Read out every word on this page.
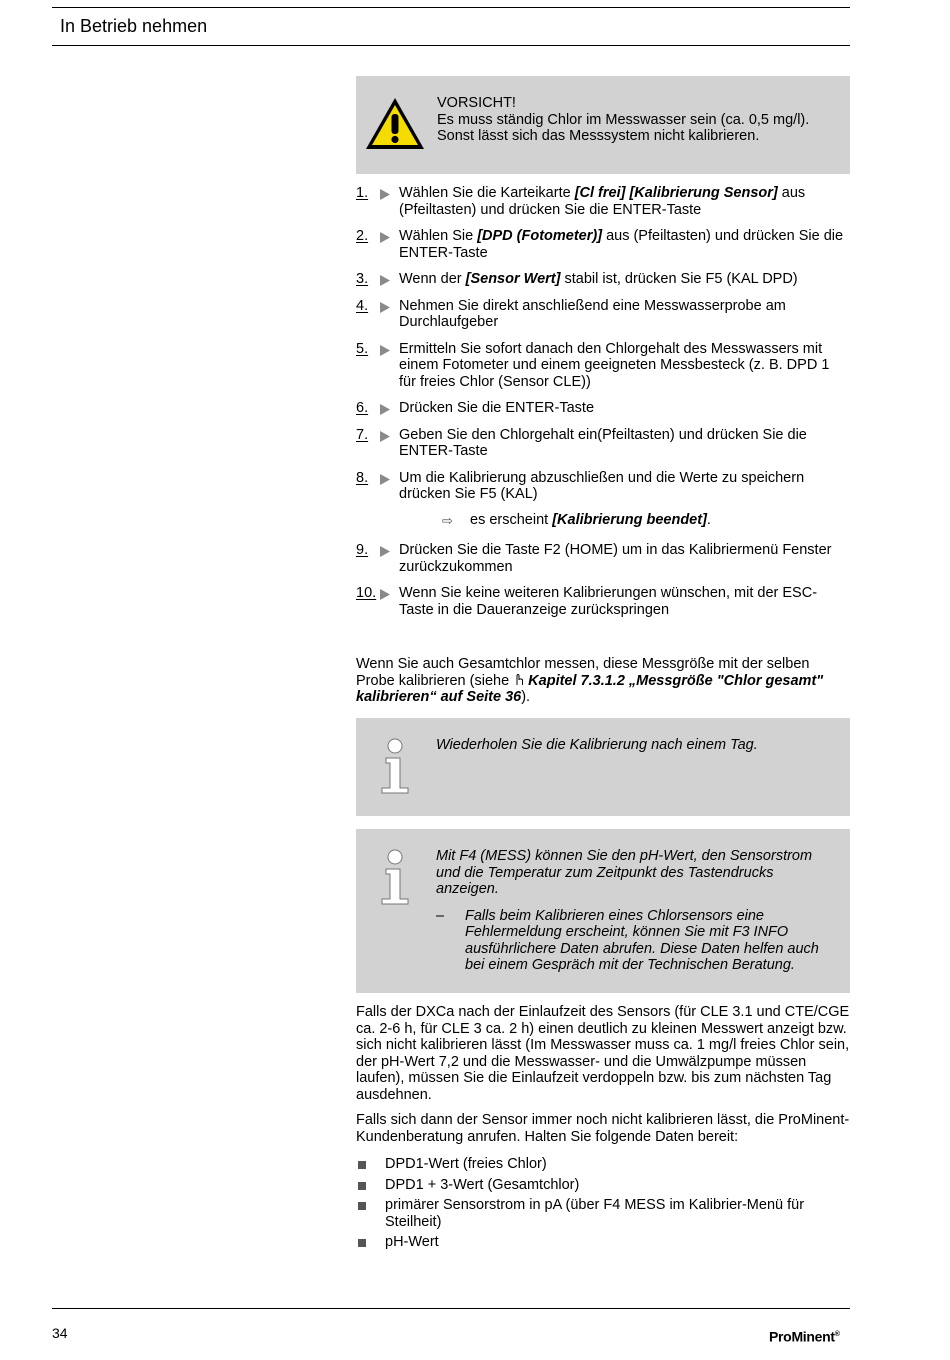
In Betrieb nehmen
VORSICHT!
Es muss ständig Chlor im Messwasser sein (ca. 0,5 mg/l).
Sonst lässt sich das Messsystem nicht kalibrieren.
1.	Wählen Sie die Karteikarte [Cl frei] [Kalibrierung Sensor] aus (Pfeiltasten) und drücken Sie die ENTER-Taste
2.	Wählen Sie [DPD (Fotometer)] aus (Pfeiltasten) und drücken Sie die ENTER-Taste
3.	Wenn der [Sensor Wert] stabil ist, drücken Sie F5 (KAL DPD)
4.	Nehmen Sie direkt anschließend eine Messwasserprobe am Durchlaufgeber
5.	Ermitteln Sie sofort danach den Chlorgehalt des Messwassers mit einem Fotometer und einem geeigneten Messbesteck (z. B. DPD 1 für freies Chlor (Sensor CLE))
6.	Drücken Sie die ENTER-Taste
7.	Geben Sie den Chlorgehalt ein(Pfeiltasten) und drücken Sie die ENTER-Taste
8.	Um die Kalibrierung abzuschließen und die Werte zu speichern drücken Sie F5 (KAL)
⇨ es erscheint [Kalibrierung beendet].
9.	Drücken Sie die Taste F2 (HOME) um in das Kalibriermenü Fenster zurückzukommen
10.	Wenn Sie keine weiteren Kalibrierungen wünschen, mit der ESC-Taste in die Daueranzeige zurückspringen
Wenn Sie auch Gesamtchlor messen, diese Messgröße mit der selben Probe kalibrieren (siehe Kapitel 7.3.1.2 „Messgröße "Chlor gesamt" kalibrieren“ auf Seite 36).
Wiederholen Sie die Kalibrierung nach einem Tag.
Mit F4 (MESS) können Sie den pH-Wert, den Sensorstrom und die Temperatur zum Zeitpunkt des Tastendrucks anzeigen.
– Falls beim Kalibrieren eines Chlorsensors eine Fehlermeldung erscheint, können Sie mit F3 INFO ausführlichere Daten abrufen. Diese Daten helfen auch bei einem Gespräch mit der Technischen Beratung.
Falls der DXCa nach der Einlaufzeit des Sensors (für CLE 3.1 und CTE/CGE ca. 2-6 h, für CLE 3 ca. 2 h) einen deutlich zu kleinen Messwert anzeigt bzw. sich nicht kalibrieren lässt (Im Messwasser muss ca. 1 mg/l freies Chlor sein, der pH-Wert 7,2 und die Messwasser- und die Umwälzpumpe müssen laufen), müssen Sie die Einlaufzeit verdoppeln bzw. bis zum nächsten Tag ausdehnen.
Falls sich dann der Sensor immer noch nicht kalibrieren lässt, die ProMinent-Kundenberatung anrufen. Halten Sie folgende Daten bereit:
DPD1-Wert (freies Chlor)
DPD1 + 3-Wert (Gesamtchlor)
primärer Sensorstrom in pA (über F4 MESS im Kalibrier-Menü für Steilheit)
pH-Wert
34	ProMinent®
